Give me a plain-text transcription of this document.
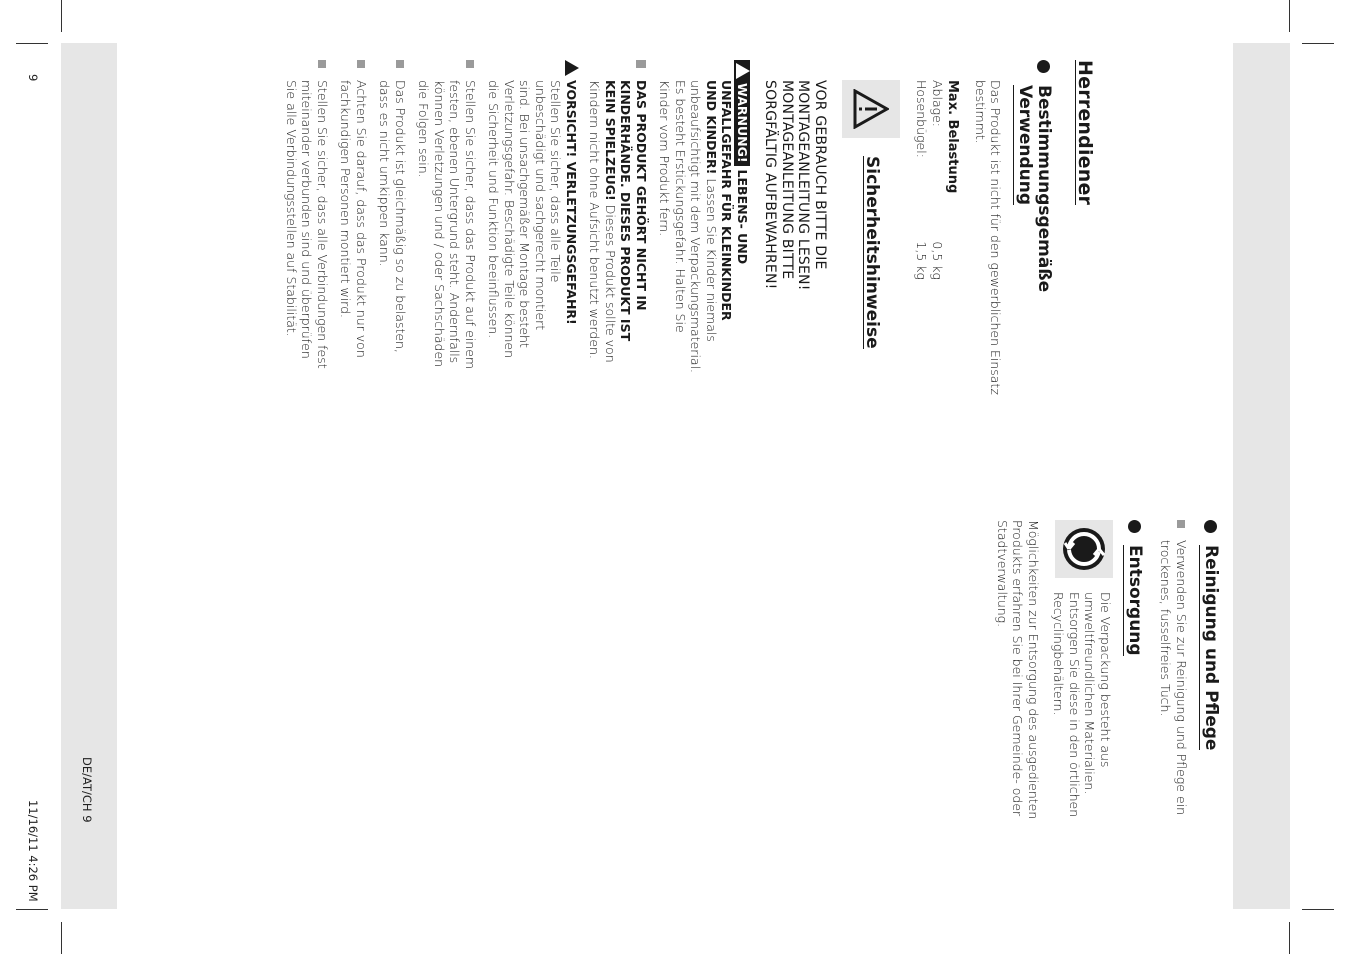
9
DE/AT/CH 9
11/16/11 4:26 PM
Herrendiener
Bestimmungsgemäße Verwendung
Das Produkt ist nicht für den gewerblichen Einsatz bestimmt.
Max. Belastung
Ablage:
0,5 kg
Hosenbügel:
1,5 kg
Sicherheitshinweise
VOR GEBRAUCH BITTE DIE
MONTAGEANLEITUNG LESEN!
MONTAGEANLEITUNG BITTE
SORGFÄLTIG AUFBEWAHREN!
WARNUNG! LEBENS- UND
UNFALLGEFAHR FÜR KLEINKINDER
UND KINDER! Lassen Sie Kinder niemals
unbeaufsichtigt mit dem Verpackungsmaterial.
Es besteht Erstickungsgefahr. Halten Sie
Kinder vom Produkt fern.
DAS PRODUKT GEHÖRT NICHT IN
KINDERHÄNDE. DIESES PRODUKT IST
KEIN SPIELZEUG! Dieses Produkt sollte von
Kindern nicht ohne Aufsicht benutzt werden.
VORSICHT! VERLETZUNGSGEFAHR!
Stellen Sie sicher, dass alle Teile
unbeschädigt und sachgerecht montiert
sind. Bei unsachgemäßer Montage besteht
Verletzungsgefahr. Beschädigte Teile können
die Sicherheit und Funktion beeinflussen.
Stellen Sie sicher, dass das Produkt auf einem
festen, ebenen Untergrund steht. Andernfalls
können Verletzungen und / oder Sachschäden
die Folgen sein.
Das Produkt ist gleichmäßig so zu belasten,
dass es nicht umkippen kann.
Achten Sie darauf, dass das Produkt nur von
fachkundigen Personen montiert wird.
Stellen Sie sicher, dass alle Verbindungen fest
miteinander verbunden sind und überprüfen
Sie alle Verbindungsstellen auf Stabilität.
Reinigung und Pflege
Verwenden Sie zur Reinigung und Pflege ein
trockenes, fusselfreies Tuch.
Entsorgung
Die Verpackung besteht aus
umweltfreundlichen Materialien.
Entsorgen Sie diese in den örtlichen
Recyclingbehältern.
Möglichkeiten zur Entsorgung des ausgedienten
Produkts erfahren Sie bei Ihrer Gemeinde- oder
Stadtverwaltung.
